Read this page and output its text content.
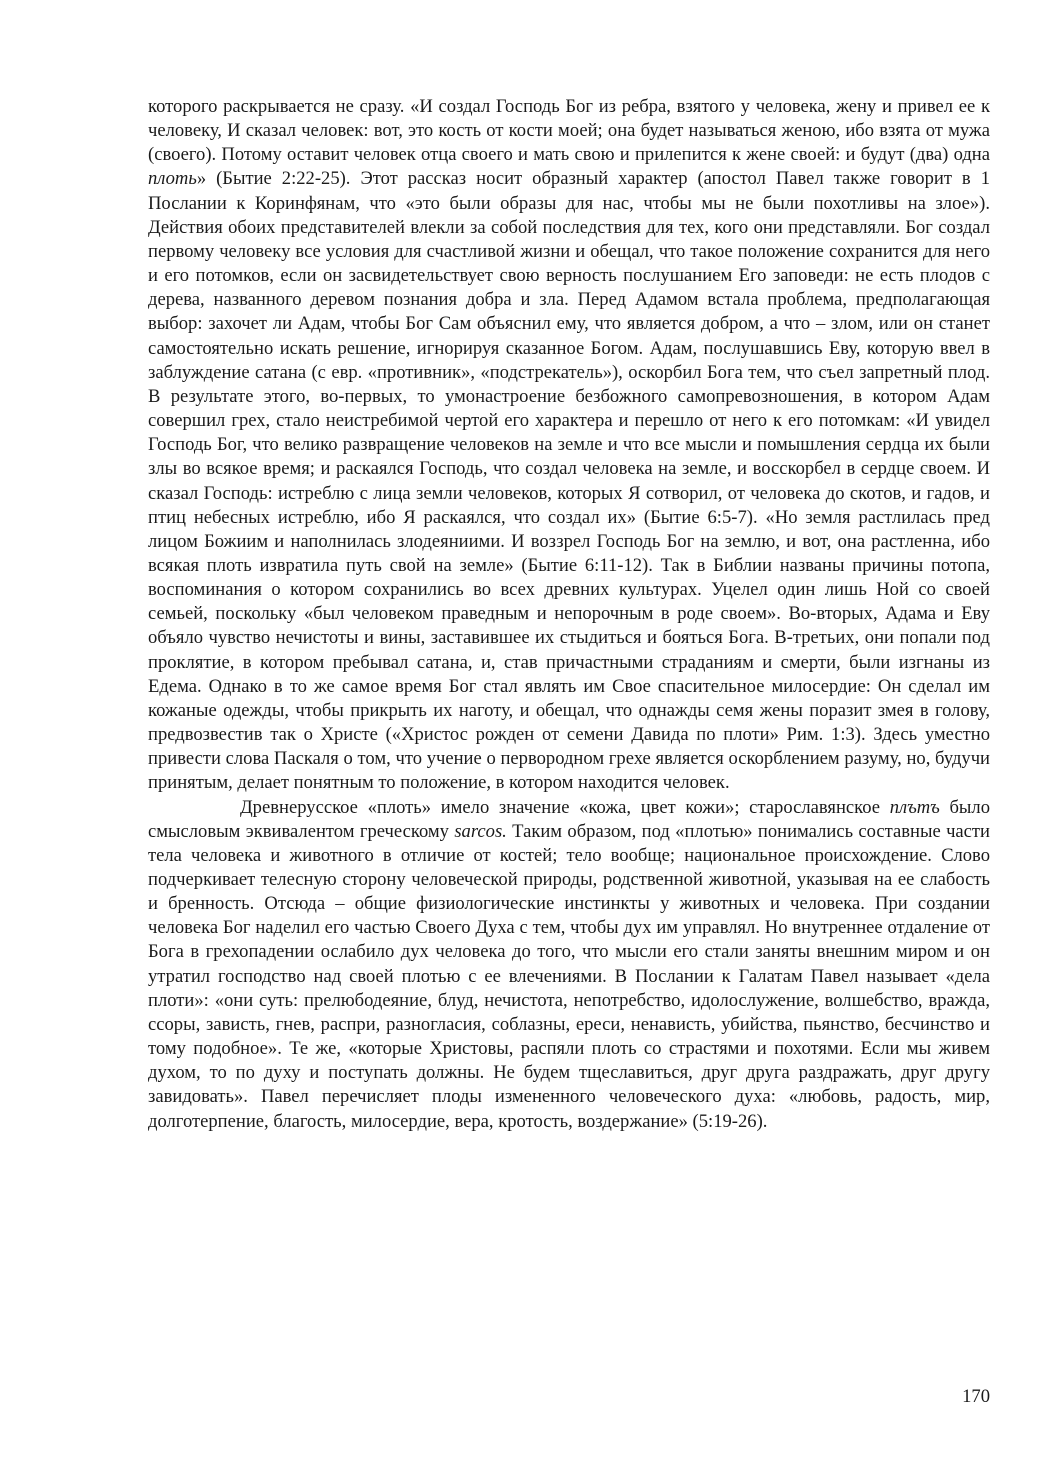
которого раскрывается не сразу. «И создал Господь Бог из ребра, взятого у человека, жену и привел ее к человеку, И сказал человек: вот, это кость от кости моей; она будет называться женою, ибо взята от мужа (своего). Потому оставит человек отца своего и мать свою и прилепится к жене своей: и будут (два) одна плоть» (Бытие 2:22-25). Этот рассказ носит образный характер (апостол Павел также говорит в 1 Послании к Коринфянам, что «это были образы для нас, чтобы мы не были похотливы на злое»). Действия обоих представителей влекли за собой последствия для тех, кого они представляли. Бог создал первому человеку все условия для счастливой жизни и обещал, что такое положение сохранится для него и его потомков, если он засвидетельствует свою верность послушанием Его заповеди: не есть плодов с дерева, названного деревом познания добра и зла. Перед Адамом встала проблема, предполагающая выбор: захочет ли Адам, чтобы Бог Сам объяснил ему, что является добром, а что – злом, или он станет самостоятельно искать решение, игнорируя сказанное Богом. Адам, послушавшись Еву, которую ввел в заблуждение сатана (с евр. «противник», «подстрекатель»), оскорбил Бога тем, что съел запретный плод. В результате этого, во-первых, то умонастроение безбожного самопревозношения, в котором Адам совершил грех, стало неистребимой чертой его характера и перешло от него к его потомкам: «И увидел Господь Бог, что велико развращение человеков на земле и что все мысли и помышления сердца их были злы во всякое время; и раскаялся Господь, что создал человека на земле, и восскорбел в сердце своем. И сказал Господь: истреблю с лица земли человеков, которых Я сотворил, от человека до скотов, и гадов, и птиц небесных истреблю, ибо Я раскаялся, что создал их» (Бытие 6:5-7). «Но земля растлилась пред лицом Божиим и наполнилась злодеяниими. И воззрел Господь Бог на землю, и вот, она растленна, ибо всякая плоть извратила путь свой на земле» (Бытие 6:11-12). Так в Библии названы причины потопа, воспоминания о котором сохранились во всех древних культурах. Уцелел один лишь Ной со своей семьей, поскольку «был человеком праведным и непорочным в роде своем». Во-вторых, Адама и Еву объяло чувство нечистоты и вины, заставившее их стыдиться и бояться Бога. В-третьих, они попали под проклятие, в котором пребывал сатана, и, став причастными страданиям и смерти, были изгнаны из Едема. Однако в то же самое время Бог стал являть им Свое спасительное милосердие: Он сделал им кожаные одежды, чтобы прикрыть их наготу, и обещал, что однажды семя жены поразит змея в голову, предвозвестив так о Христе («Христос рожден от семени Давида по плоти» Рим. 1:3). Здесь уместно привести слова Паскаля о том, что учение о первородном грехе является оскорблением разуму, но, будучи принятым, делает понятным то положение, в котором находится человек.

Древнерусское «плоть» имело значение «кожа, цвет кожи»; старославянское плътъ было смысловым эквивалентом греческому sarcos. Таким образом, под «плотью» понимались составные части тела человека и животного в отличие от костей; тело вообще; национальное происхождение. Слово подчеркивает телесную сторону человеческой природы, родственной животной, указывая на ее слабость и бренность. Отсюда – общие физиологические инстинкты у животных и человека. При создании человека Бог наделил его частью Своего Духа с тем, чтобы дух им управлял. Но внутреннее отдаление от Бога в грехопадении ослабило дух человека до того, что мысли его стали заняты внешним миром и он утратил господство над своей плотью с ее влечениями. В Послании к Галатам Павел называет «дела плоти»: «они суть: прелюбодеяние, блуд, нечистота, непотребство, идолослужение, волшебство, вражда, ссоры, зависть, гнев, распри, разногласия, соблазны, ереси, ненависть, убийства, пьянство, бесчинство и тому подобное». Те же, «которые Христовы, распяли плоть со страстями и похотями. Если мы живем духом, то по духу и поступать должны. Не будем тщеславиться, друг друга раздражать, друг другу завидовать». Павел перечисляет плоды измененного человеческого духа: «любовь, радость, мир, долготерпение, благость, милосердие, вера, кротость, воздержание» (5:19-26).

170
